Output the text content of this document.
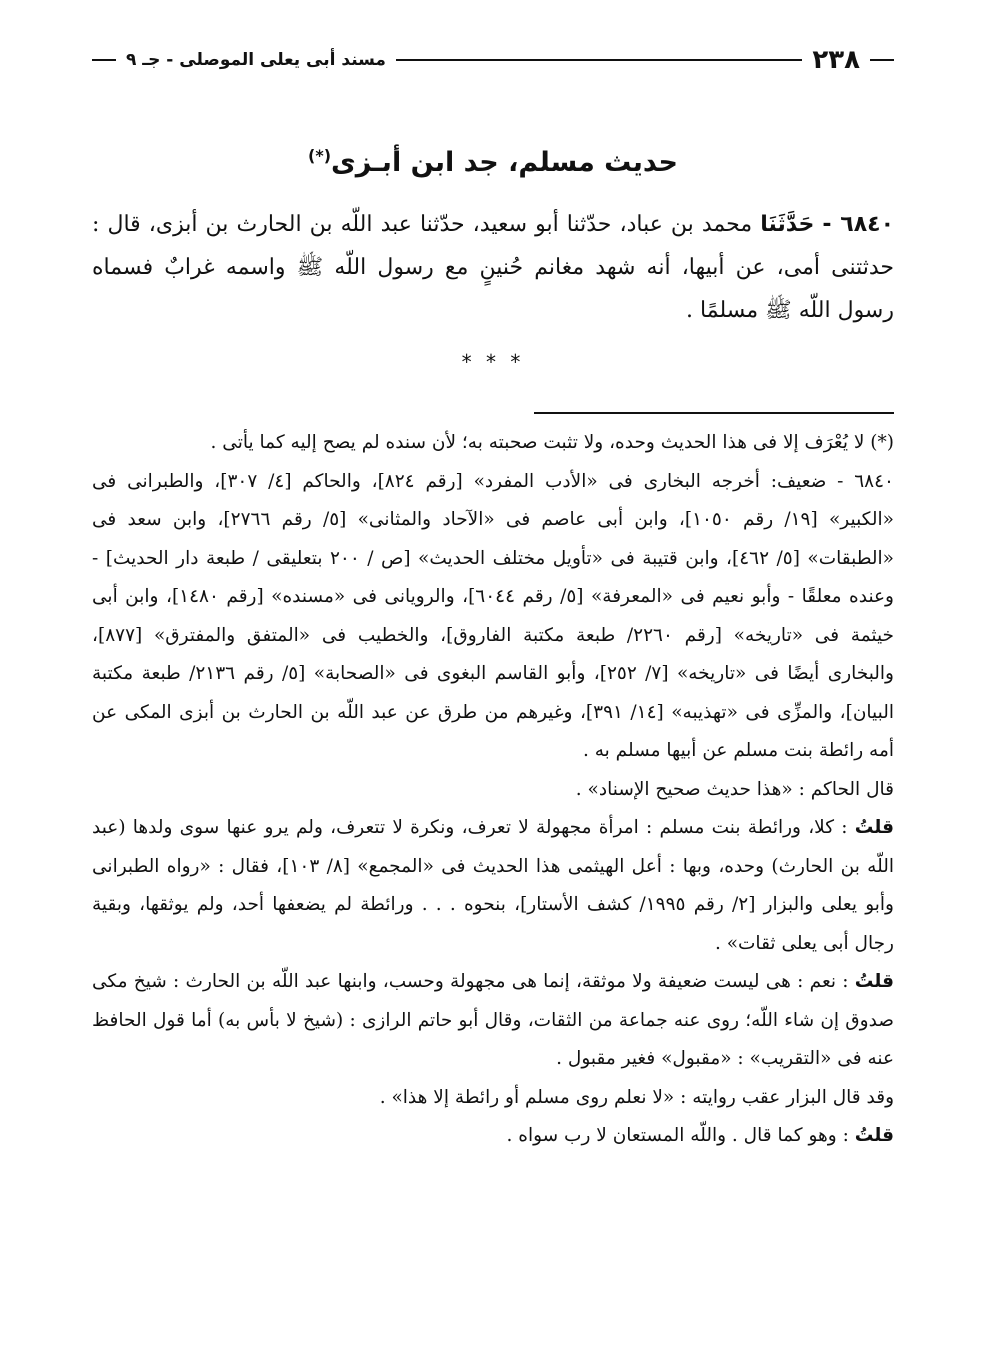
٢٣٨
مسند أبى يعلى الموصلى - جـ ٩
حديث مسلم، جد ابن أبـزى(*)
٦٨٤٠ - حَدَّثَنَا محمد بن عباد، حدّثنا أبو سعيد، حدّثنا عبد اللّه بن الحارث بن أبزى، قال : حدثتنى أمى، عن أبيها، أنه شهد مغانم حُنينٍ مع رسول اللّه ﷺ واسمه غرابٌ فسماه رسول اللّه ﷺ مسلمًا .
* * *

(*) لا يُعْرَف إلا فى هذا الحديث وحده، ولا تثبت صحبته به؛ لأن سنده لم يصح إليه كما يأتى .

٦٨٤٠ - ضعيف: أخرجه البخارى فى «الأدب المفرد» [رقم ٨٢٤]، والحاكم [٤/ ٣٠٧]، والطبرانى فى «الكبير» [١٩/ رقم ١٠٥٠]، وابن أبى عاصم فى «الآحاد والمثانى» [٥/ رقم ٢٧٦٦]، وابن سعد فى «الطبقات» [٥/ ٤٦٢]، وابن قتيبة فى «تأويل مختلف الحديث» [ص / ٢٠٠ بتعليقى / طبعة دار الحديث] - وعنده معلقًا - وأبو نعيم فى «المعرفة» [٥/ رقم ٦٠٤٤]، والرويانى فى «مسنده» [رقم ١٤٨٠]، وابن أبى خيثمة فى «تاريخه» [رقم ٢٢٦٠/ طبعة مكتبة الفاروق]، والخطيب فى «المتفق والمفترق» [٨٧٧]، والبخارى أيضًا فى «تاريخه» [٧/ ٢٥٢]، وأبو القاسم البغوى فى «الصحابة» [٥/ رقم ٢١٣٦/ طبعة مكتبة البيان]، والمزِّى فى «تهذيبه» [١٤/ ٣٩١]، وغيرهم من طرق عن عبد اللّه بن الحارث بن أبزى المكى عن أمه رائطة بنت مسلم عن أبيها مسلم به .

قال الحاكم : «هذا حديث صحيح الإسناد» .

قلتُ : كلا، ورائطة بنت مسلم : امرأة مجهولة لا تعرف، ونكرة لا تتعرف، ولم يرو عنها سوى ولدها (عبد اللّه بن الحارث) وحده، وبها : أعل الهيثمى هذا الحديث فى «المجمع» [٨/ ١٠٣]، فقال : «رواه الطبرانى وأبو يعلى والبزار [٢/ رقم ١٩٩٥/ كشف الأستار]، بنحوه . . . ورائطة لم يضعفها أحد، ولم يوثقها، وبقية رجال أبى يعلى ثقات» .

قلتُ : نعم : هى ليست ضعيفة ولا موثقة، إنما هى مجهولة وحسب، وابنها عبد اللّه بن الحارث : شيخ مكى صدوق إن شاء اللّه؛ روى عنه جماعة من الثقات، وقال أبو حاتم الرازى : (شيخ لا بأس به) أما قول الحافظ عنه فى «التقريب» : «مقبول» فغير مقبول .

وقد قال البزار عقب روايته : «لا نعلم روى مسلم أو رائطة إلا هذا» .

قلتُ : وهو كما قال . واللّه المستعان لا رب سواه .
